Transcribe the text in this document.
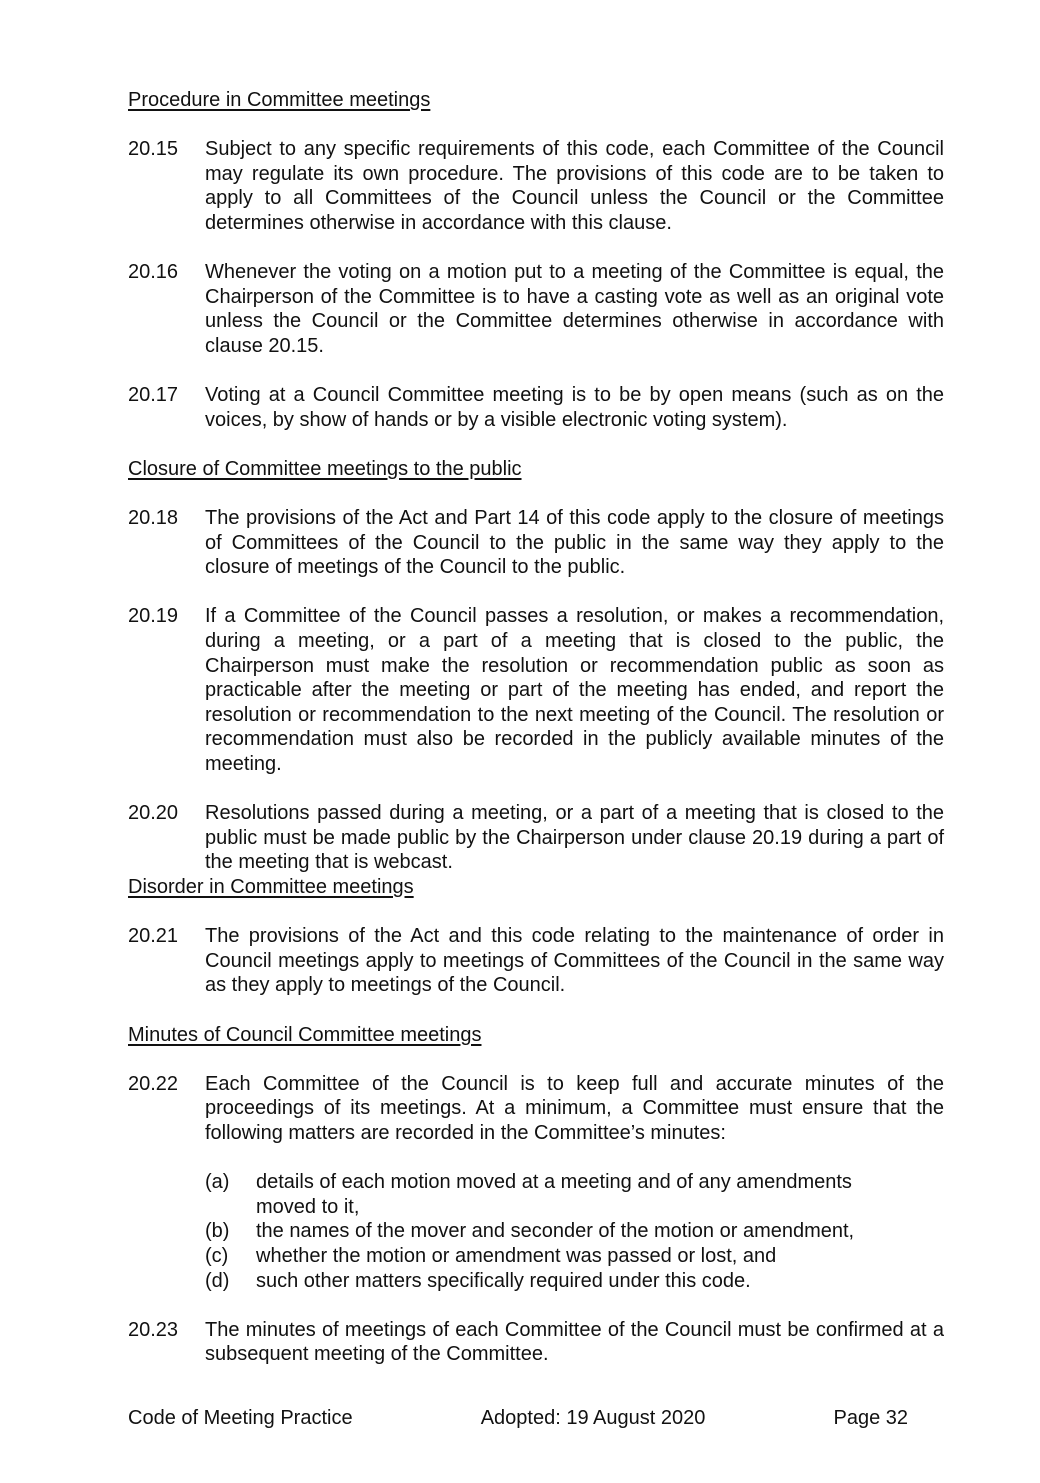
Procedure in Committee meetings

20.15	Subject to any specific requirements of this code, each Committee of the Council may regulate its own procedure. The provisions of this code are to be taken to apply to all Committees of the Council unless the Council or the Committee determines otherwise in accordance with this clause.
20.16	Whenever the voting on a motion put to a meeting of the Committee is equal, the Chairperson of the Committee is to have a casting vote as well as an original vote unless the Council or the Committee determines otherwise in accordance with clause 20.15.
20.17	Voting at a Council Committee meeting is to be by open means (such as on the voices, by show of hands or by a visible electronic voting system).

Closure of Committee meetings to the public

20.18	The provisions of the Act and Part 14 of this code apply to the closure of meetings of Committees of the Council to the public in the same way they apply to the closure of meetings of the Council to the public.
20.19	If a Committee of the Council passes a resolution, or makes a recommendation, during a meeting, or a part of a meeting that is closed to the public, the Chairperson must make the resolution or recommendation public as soon as practicable after the meeting or part of the meeting has ended, and report the resolution or recommendation to the next meeting of the Council. The resolution or recommendation must also be recorded in the publicly available minutes of the meeting.
20.20	Resolutions passed during a meeting, or a part of a meeting that is closed to the public must be made public by the Chairperson under clause 20.19 during a part of the meeting that is webcast.

Disorder in Committee meetings

20.21	The provisions of the Act and this code relating to the maintenance of order in Council meetings apply to meetings of Committees of the Council in the same way as they apply to meetings of the Council.

Minutes of Council Committee meetings

20.22	Each Committee of the Council is to keep full and accurate minutes of the proceedings of its meetings. At a minimum, a Committee must ensure that the following matters are recorded in the Committee’s minutes:
(a)	details of each motion moved at a meeting and of any amendments moved to it,
(b)	the names of the mover and seconder of the motion or amendment,
(c)	whether the motion or amendment was passed or lost, and
(d)	such other matters specifically required under this code.
20.23	The minutes of meetings of each Committee of the Council must be confirmed at a subsequent meeting of the Committee.
Code of Meeting Practice	Adopted: 19 August 2020	Page 32
